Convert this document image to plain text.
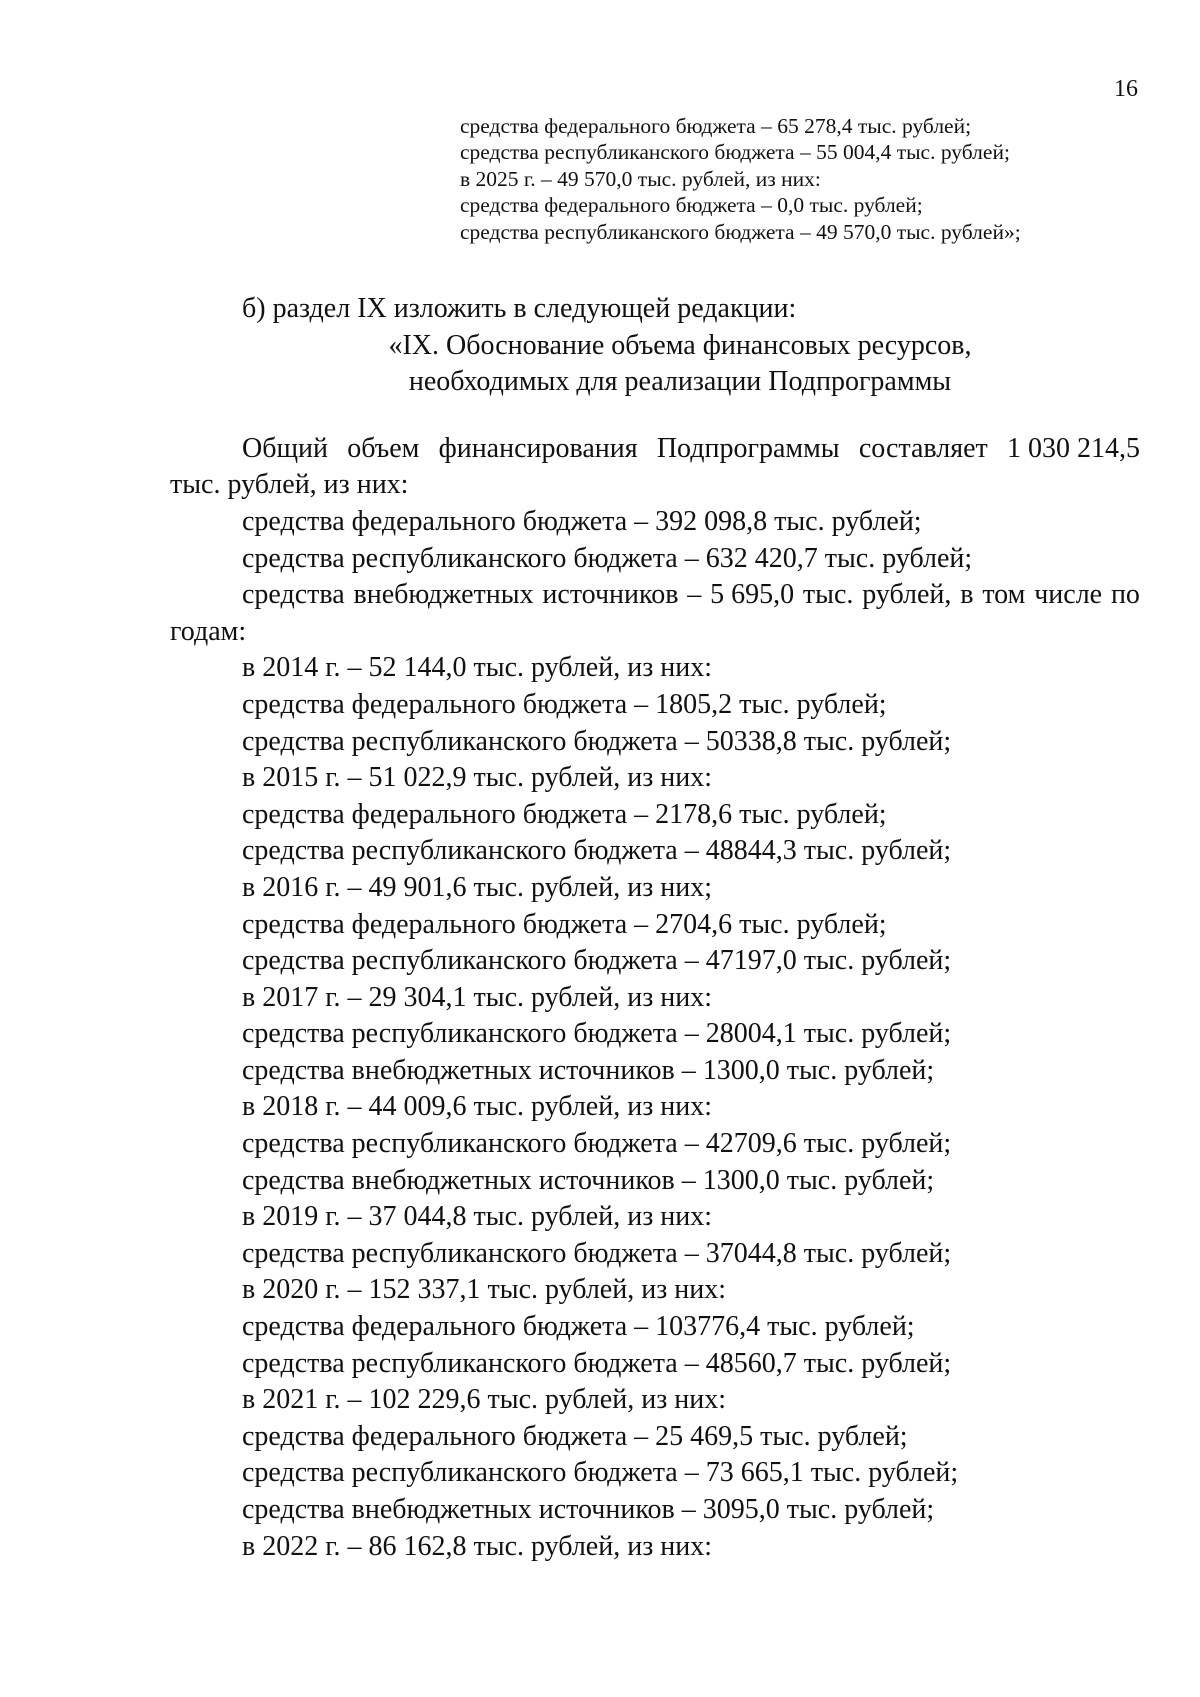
16
средства федерального бюджета – 65 278,4 тыс. рублей;
средства республиканского бюджета – 55 004,4 тыс. рублей;
в 2025 г. – 49 570,0 тыс. рублей, из них:
средства федерального бюджета – 0,0 тыс. рублей;
средства республиканского бюджета – 49 570,0 тыс. рублей»;
б) раздел IX изложить в следующей редакции:
«IX. Обоснование объема финансовых ресурсов,
необходимых для реализации Подпрограммы
Общий объем финансирования Подпрограммы составляет 1 030 214,5
тыс. рублей, из них:
средства федерального бюджета – 392 098,8 тыс. рублей;
средства республиканского бюджета – 632 420,7 тыс. рублей;
средства внебюджетных источников – 5 695,0 тыс. рублей, в том числе по
годам:
в 2014 г. – 52 144,0 тыс. рублей, из них:
средства федерального бюджета – 1805,2 тыс. рублей;
средства республиканского бюджета – 50338,8 тыс. рублей;
в 2015 г. – 51 022,9 тыс. рублей, из них:
средства федерального бюджета – 2178,6 тыс. рублей;
средства республиканского бюджета – 48844,3 тыс. рублей;
в 2016 г. – 49 901,6 тыс. рублей, из них;
средства федерального бюджета – 2704,6 тыс. рублей;
средства республиканского бюджета – 47197,0 тыс. рублей;
в 2017 г. – 29 304,1 тыс. рублей, из них:
средства республиканского бюджета – 28004,1 тыс. рублей;
средства внебюджетных источников – 1300,0 тыс. рублей;
в 2018 г. – 44 009,6 тыс. рублей, из них:
средства республиканского бюджета – 42709,6 тыс. рублей;
средства внебюджетных источников – 1300,0 тыс. рублей;
в 2019 г. – 37 044,8 тыс. рублей, из них:
средства республиканского бюджета – 37044,8 тыс. рублей;
в 2020 г. – 152 337,1 тыс. рублей, из них:
средства федерального бюджета – 103776,4 тыс. рублей;
средства республиканского бюджета – 48560,7 тыс. рублей;
в 2021 г. – 102 229,6 тыс. рублей, из них:
средства федерального бюджета – 25 469,5 тыс. рублей;
средства республиканского бюджета – 73 665,1 тыс. рублей;
средства внебюджетных источников – 3095,0 тыс. рублей;
в 2022 г. – 86 162,8 тыс. рублей, из них:
